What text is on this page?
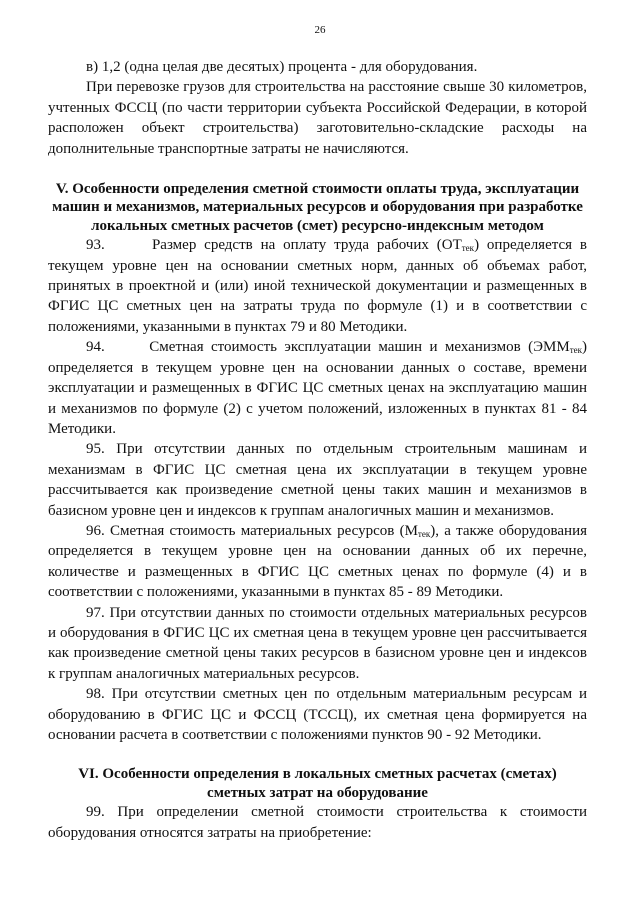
26

в) 1,2 (одна целая две десятых) процента - для оборудования.

При перевозке грузов для строительства на расстояние свыше 30 километров, учтенных ФССЦ (по части территории субъекта Российской Федерации, в которой расположен объект строительства) заготовительно-складские расходы на дополнительные транспортные затраты не начисляются.

V. Особенности определения сметной стоимости оплаты труда, эксплуатации машин и механизмов, материальных ресурсов и оборудования при разработке локальных сметных расчетов (смет) ресурсно-индексным методом

93.	Размер средств на оплату труда рабочих $(ОТ_{тек})$ определяется в текущем уровне цен на основании сметных норм, данных об объемах работ, принятых в проектной и (или) иной технической документации и размещенных в ФГИС ЦС сметных цен на затраты труда по формуле (1) и в соответствии с положениями, указанными в пунктах 79 и 80 Методики.

94.	Сметная стоимость эксплуатации машин и механизмов $(ЭММ_{тек})$ определяется в текущем уровне цен на основании данных о составе, времени эксплуатации и размещенных в ФГИС ЦС сметных ценах на эксплуатацию машин и механизмов по формуле (2) с учетом положений, изложенных в пунктах 81 - 84 Методики.

95. При отсутствии данных по отдельным строительным машинам и механизмам в ФГИС ЦС сметная цена их эксплуатации в текущем уровне рассчитывается как произведение сметной цены таких машин и механизмов в базисном уровне цен и индексов к группам аналогичных машин и механизмов.

96. Сметная стоимость материальных ресурсов $(М_{тек})$, а также оборудования определяется в текущем уровне цен на основании данных об их перечне, количестве и размещенных в ФГИС ЦС сметных ценах по формуле (4) и в соответствии с положениями, указанными в пунктах 85 - 89 Методики.

97. При отсутствии данных по стоимости отдельных материальных ресурсов и оборудования в ФГИС ЦС их сметная цена в текущем уровне цен рассчитывается как произведение сметной цены таких ресурсов в базисном уровне цен и индексов к группам аналогичных материальных ресурсов.

98. При отсутствии сметных цен по отдельным материальным ресурсам и оборудованию в ФГИС ЦС и ФССЦ (ТССЦ), их сметная цена формируется на основании расчета в соответствии с положениями пунктов 90 - 92 Методики.

VI. Особенности определения в локальных сметных расчетах (сметах) сметных затрат на оборудование

99. При определении сметной стоимости строительства к стоимости оборудования относятся затраты на приобретение:
